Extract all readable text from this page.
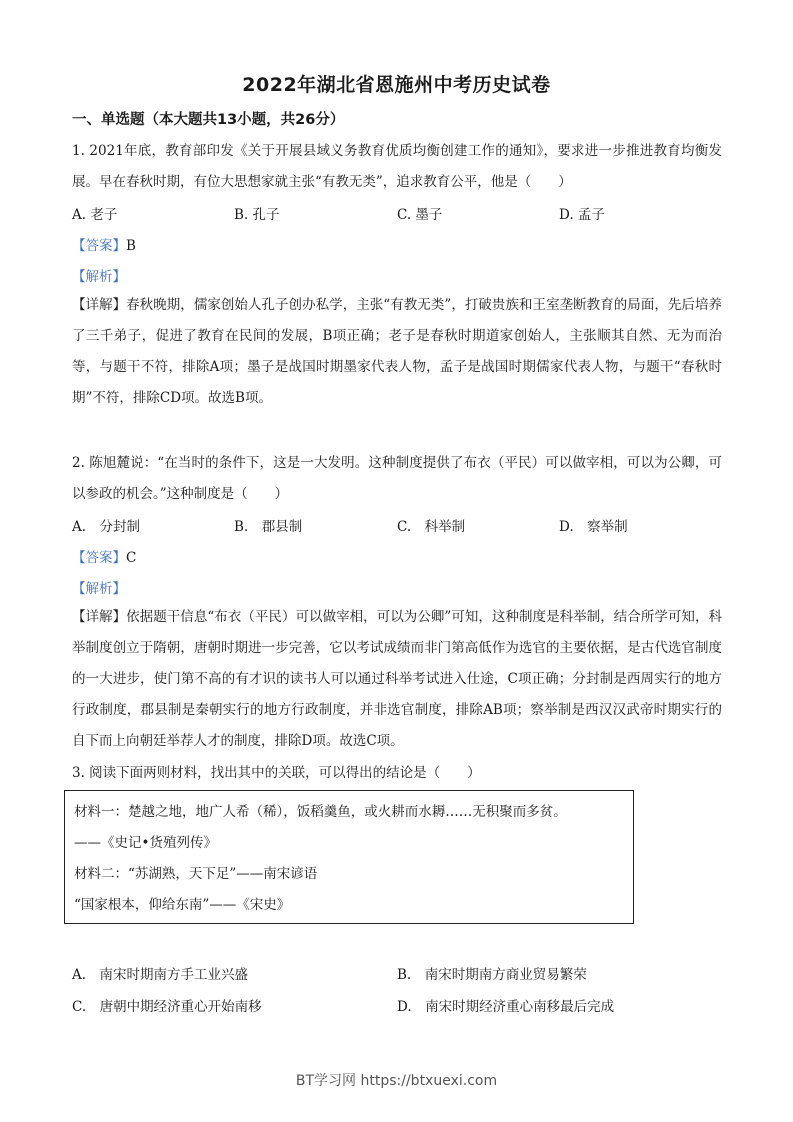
2022年湖北省恩施州中考历史试卷
一、单选题（本大题共13小题，共26分）
1. 2021年底，教育部印发《关于开展县域义务教育优质均衡创建工作的通知》，要求进一步推进教育均衡发展。早在春秋时期，有位大思想家就主张“有教无类”，追求教育公平，他是（　　）
A. 老子	B. 孔子	C. 墨子	D. 孟子
【答案】B
【解析】
【详解】春秋晚期，儒家创始人孔子创办私学，主张“有教无类”，打破贵族和王室垄断教育的局面，先后培养了三千弟子，促进了教育在民间的发展，B项正确；老子是春秋时期道家创始人，主张顺其自然、无为而治等，与题干不符，排除A项；墨子是战国时期墨家代表人物，孟子是战国时期儒家代表人物，与题干“春秋时期”不符，排除CD项。故选B项。
2. 陈旭麓说：“在当时的条件下，这是一大发明。这种制度提供了布衣（平民）可以做宰相，可以为公卿，可以参政的机会。”这种制度是（　　）
A.　分封制	B.　郡县制	C.　科举制	D.　察举制
【答案】C
【解析】
【详解】依据题干信息“布衣（平民）可以做宰相，可以为公卿”可知，这种制度是科举制，结合所学可知，科举制度创立于隋朝，唐朝时期进一步完善，它以考试成绩而非门第高低作为选官的主要依据，是古代选官制度的一大进步，使门第不高的有才识的读书人可以通过科举考试进入仕途，C项正确；分封制是西周实行的地方行政制度，郡县制是秦朝实行的地方行政制度，并非选官制度，排除AB项；察举制是西汉汉武帝时期实行的自下而上向朝廷举荐人才的制度，排除D项。故选C项。
3. 阅读下面两则材料，找出其中的关联，可以得出的结论是（　　）
材料一：楚越之地，地广人希（稀），饭稻羹鱼，或火耕而水耨……无积聚而多贫。
——《史记•货殖列传》
材料二：“苏湖熟，天下足”——南宋谚语
“国家根本，仰给东南”——《宋史》
A.　南宋时期南方手工业兴盛	B.　南宋时期南方商业贸易繁荣
C.　唐朝中期经济重心开始南移	D.　南宋时期经济重心南移最后完成
BT学习网 https://btxuexi.com
